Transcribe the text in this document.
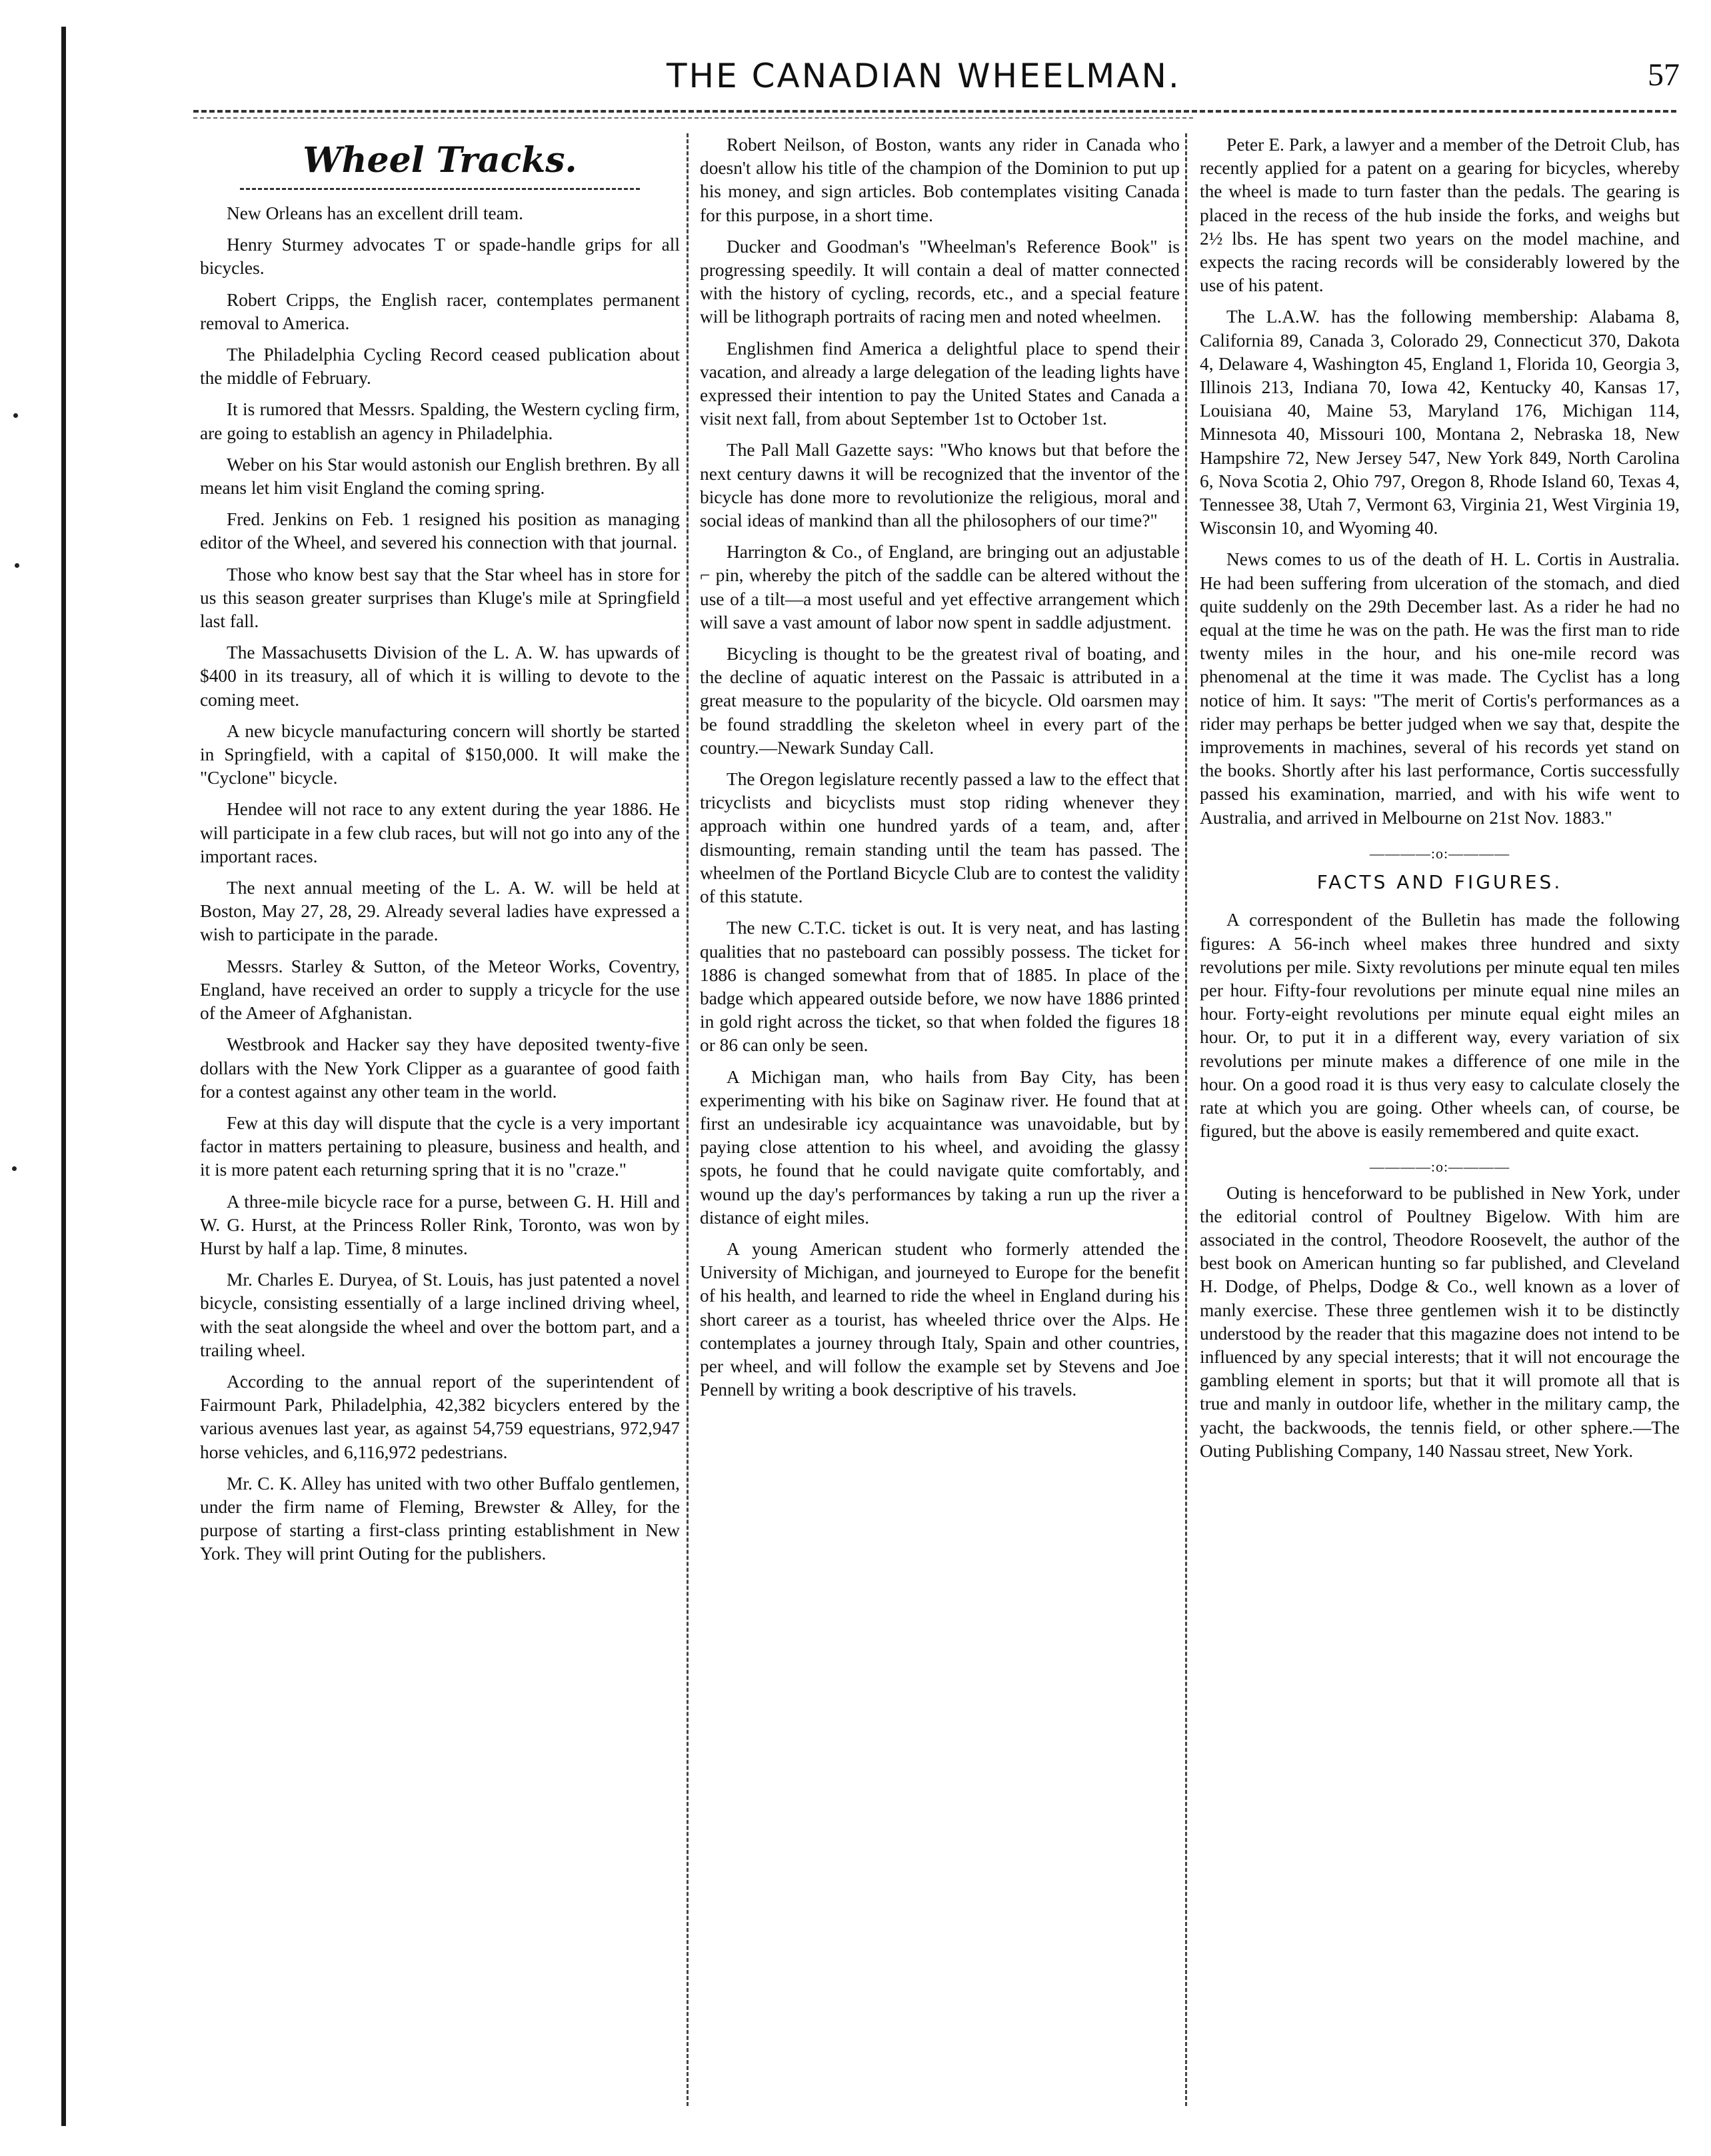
THE CANADIAN WHEELMAN.	57
Wheel Tracks.

New Orleans has an excellent drill team.

Henry Sturmey advocates T or spade-handle grips for all bicycles.

Robert Cripps, the English racer, contemplates permanent removal to America.

The Philadelphia Cycling Record ceased publication about the middle of February.

It is rumored that Messrs. Spalding, the Western cycling firm, are going to establish an agency in Philadelphia.

Weber on his Star would astonish our English brethren. By all means let him visit England the coming spring.

Fred. Jenkins on Feb. 1 resigned his position as managing editor of the Wheel, and severed his connection with that journal.

Those who know best say that the Star wheel has in store for us this season greater surprises than Kluge's mile at Springfield last fall.

The Massachusetts Division of the L. A. W. has upwards of $400 in its treasury, all of which it is willing to devote to the coming meet.

A new bicycle manufacturing concern will shortly be started in Springfield, with a capital of $150,000. It will make the "Cyclone" bicycle.

Hendee will not race to any extent during the year 1886. He will participate in a few club races, but will not go into any of the important races.

The next annual meeting of the L. A. W. will be held at Boston, May 27, 28, 29. Already several ladies have expressed a wish to participate in the parade.

Messrs. Starley & Sutton, of the Meteor Works, Coventry, England, have received an order to supply a tricycle for the use of the Ameer of Afghanistan.

Westbrook and Hacker say they have deposited twenty-five dollars with the New York Clipper as a guarantee of good faith for a contest against any other team in the world.

Few at this day will dispute that the cycle is a very important factor in matters pertaining to pleasure, business and health, and it is more patent each returning spring that it is no "craze."

A three-mile bicycle race for a purse, between G. H. Hill and W. G. Hurst, at the Princess Roller Rink, Toronto, was won by Hurst by half a lap. Time, 8 minutes.

Mr. Charles E. Duryea, of St. Louis, has just patented a novel bicycle, consisting essentially of a large inclined driving wheel, with the seat alongside the wheel and over the bottom part, and a trailing wheel.

According to the annual report of the superintendent of Fairmount Park, Philadelphia, 42,382 bicyclers entered by the various avenues last year, as against 54,759 equestrians, 972,947 horse vehicles, and 6,116,972 pedestrians.

Mr. C. K. Alley has united with two other Buffalo gentlemen, under the firm name of Fleming, Brewster & Alley, for the purpose of starting a first-class printing establishment in New York. They will print Outing for the publishers.

Robert Neilson, of Boston, wants any rider in Canada who doesn't allow his title of the champion of the Dominion to put up his money, and sign articles. Bob contemplates visiting Canada for this purpose, in a short time.

Ducker and Goodman's "Wheelman's Reference Book" is progressing speedily. It will contain a deal of matter connected with the history of cycling, records, etc., and a special feature will be lithograph portraits of racing men and noted wheelmen.

Englishmen find America a delightful place to spend their vacation, and already a large delegation of the leading lights have expressed their intention to pay the United States and Canada a visit next fall, from about September 1st to October 1st.

The Pall Mall Gazette says: "Who knows but that before the next century dawns it will be recognized that the inventor of the bicycle has done more to revolutionize the religious, moral and social ideas of mankind than all the philosophers of our time?"

Harrington & Co., of England, are bringing out an adjustable ⌐ pin, whereby the pitch of the saddle can be altered without the use of a tilt—a most useful and yet effective arrangement which will save a vast amount of labor now spent in saddle adjustment.

Bicycling is thought to be the greatest rival of boating, and the decline of aquatic interest on the Passaic is attributed in a great measure to the popularity of the bicycle. Old oarsmen may be found straddling the skeleton wheel in every part of the country.—Newark Sunday Call.

The Oregon legislature recently passed a law to the effect that tricyclists and bicyclists must stop riding whenever they approach within one hundred yards of a team, and, after dismounting, remain standing until the team has passed. The wheelmen of the Portland Bicycle Club are to contest the validity of this statute.

The new C.T.C. ticket is out. It is very neat, and has lasting qualities that no pasteboard can possibly possess. The ticket for 1886 is changed somewhat from that of 1885. In place of the badge which appeared outside before, we now have 1886 printed in gold right across the ticket, so that when folded the figures 18 or 86 can only be seen.

A Michigan man, who hails from Bay City, has been experimenting with his bike on Saginaw river. He found that at first an undesirable icy acquaintance was unavoidable, but by paying close attention to his wheel, and avoiding the glassy spots, he found that he could navigate quite comfortably, and wound up the day's performances by taking a run up the river a distance of eight miles.

A young American student who formerly attended the University of Michigan, and journeyed to Europe for the benefit of his health, and learned to ride the wheel in England during his short career as a tourist, has wheeled thrice over the Alps. He contemplates a journey through Italy, Spain and other countries, per wheel, and will follow the example set by Stevens and Joe Pennell by writing a book descriptive of his travels.

Peter E. Park, a lawyer and a member of the Detroit Club, has recently applied for a patent on a gearing for bicycles, whereby the wheel is made to turn faster than the pedals. The gearing is placed in the recess of the hub inside the forks, and weighs but 2½ lbs. He has spent two years on the model machine, and expects the racing records will be considerably lowered by the use of his patent.

The L.A.W. has the following membership: Alabama 8, California 89, Canada 3, Colorado 29, Connecticut 370, Dakota 4, Delaware 4, Washington 45, England 1, Florida 10, Georgia 3, Illinois 213, Indiana 70, Iowa 42, Kentucky 40, Kansas 17, Louisiana 40, Maine 53, Maryland 176, Michigan 114, Minnesota 40, Missouri 100, Montana 2, Nebraska 18, New Hampshire 72, New Jersey 547, New York 849, North Carolina 6, Nova Scotia 2, Ohio 797, Oregon 8, Rhode Island 60, Texas 4, Tennessee 38, Utah 7, Vermont 63, Virginia 21, West Virginia 19, Wisconsin 10, and Wyoming 40.

News comes to us of the death of H. L. Cortis in Australia. He had been suffering from ulceration of the stomach, and died quite suddenly on the 29th December last. As a rider he had no equal at the time he was on the path. He was the first man to ride twenty miles in the hour, and his one-mile record was phenomenal at the time it was made. The Cyclist has a long notice of him. It says: "The merit of Cortis's performances as a rider may perhaps be better judged when we say that, despite the improvements in machines, several of his records yet stand on the books. Shortly after his last performance, Cortis successfully passed his examination, married, and with his wife went to Australia, and arrived in Melbourne on 21st Nov. 1883."

————:o:————
FACTS AND FIGURES.

A correspondent of the Bulletin has made the following figures: A 56-inch wheel makes three hundred and sixty revolutions per mile. Sixty revolutions per minute equal ten miles per hour. Fifty-four revolutions per minute equal nine miles an hour. Forty-eight revolutions per minute equal eight miles an hour. Or, to put it in a different way, every variation of six revolutions per minute makes a difference of one mile in the hour. On a good road it is thus very easy to calculate closely the rate at which you are going. Other wheels can, of course, be figured, but the above is easily remembered and quite exact.

————:o:————

Outing is henceforward to be published in New York, under the editorial control of Poultney Bigelow. With him are associated in the control, Theodore Roosevelt, the author of the best book on American hunting so far published, and Cleveland H. Dodge, of Phelps, Dodge & Co., well known as a lover of manly exercise. These three gentlemen wish it to be distinctly understood by the reader that this magazine does not intend to be influenced by any special interests; that it will not encourage the gambling element in sports; but that it will promote all that is true and manly in outdoor life, whether in the military camp, the yacht, the backwoods, the tennis field, or other sphere.—The Outing Publishing Company, 140 Nassau street, New York.
